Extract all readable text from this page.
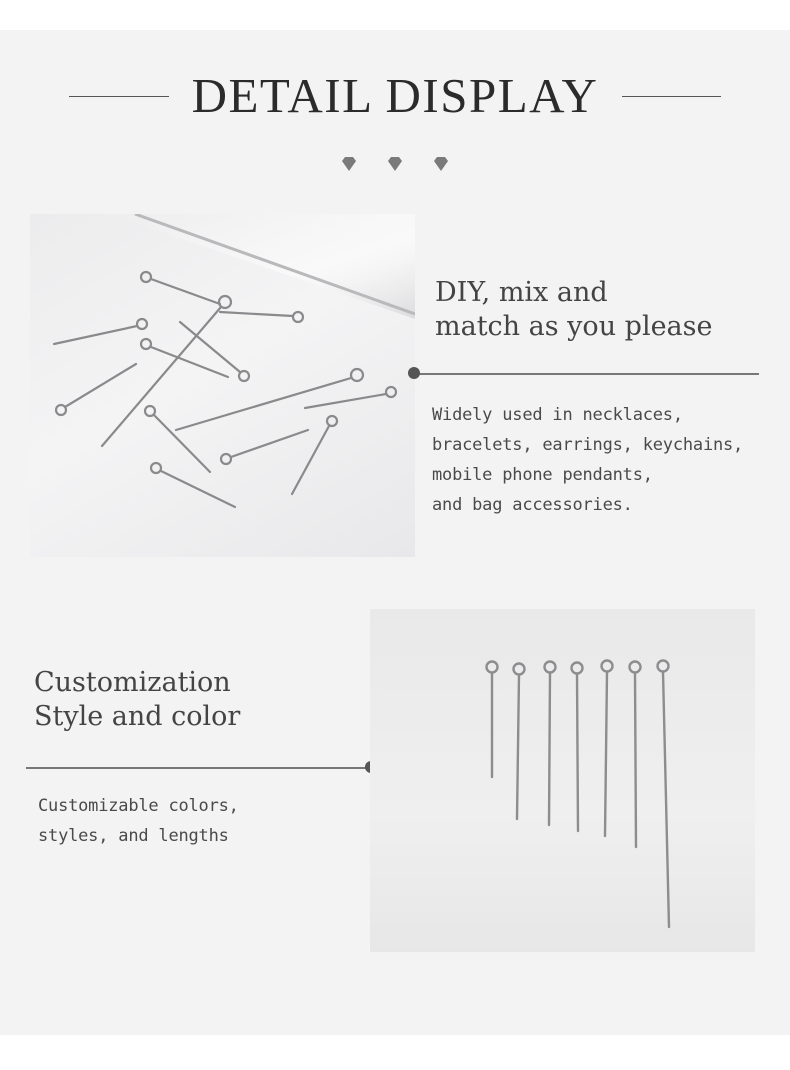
DETAIL DISPLAY
DIY, mix and
match as you please
Widely used in necklaces,
bracelets, earrings, keychains,
mobile phone pendants,
and bag accessories.
Customization
Style and color
Customizable colors,
styles, and lengths
